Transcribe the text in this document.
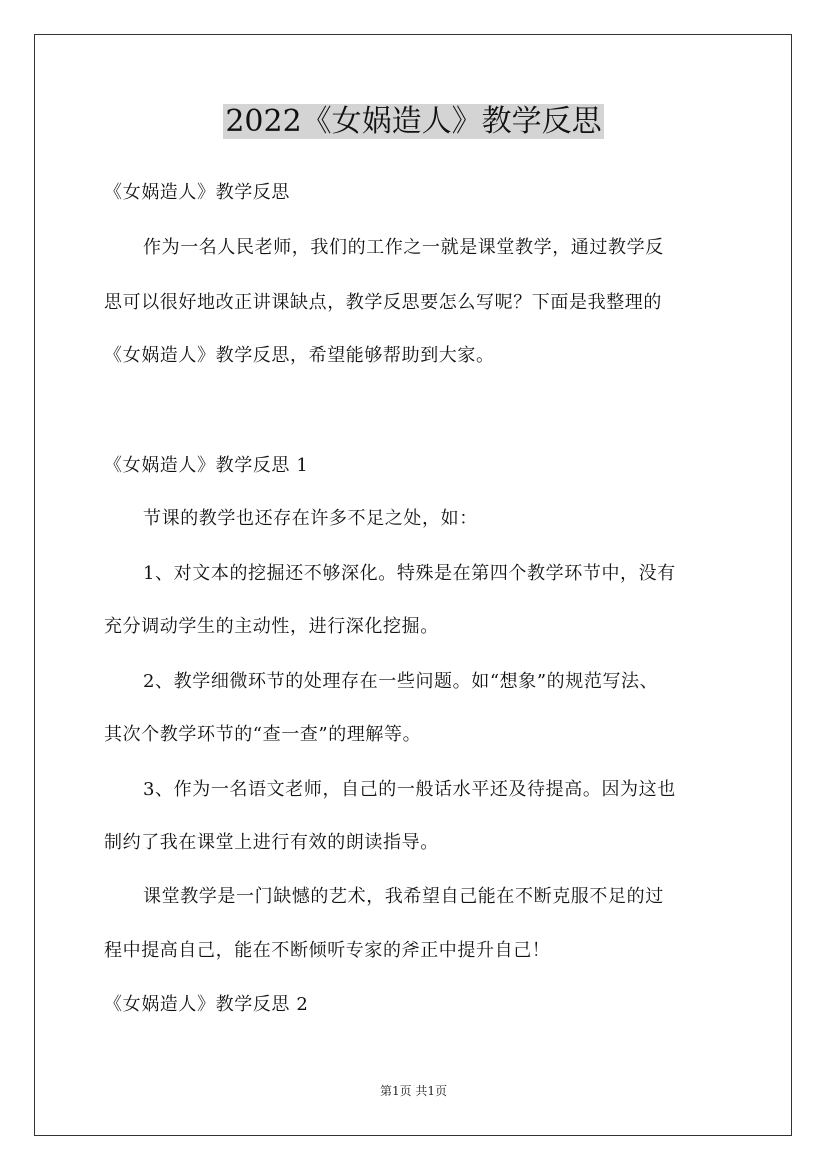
2022《女娲造人》教学反思
《女娲造人》教学反思
作为一名人民老师，我们的工作之一就是课堂教学，通过教学反
思可以很好地改正讲课缺点，教学反思要怎么写呢？下面是我整理的
《女娲造人》教学反思，希望能够帮助到大家。
《女娲造人》教学反思 1
节课的教学也还存在许多不足之处，如：
1、对文本的挖掘还不够深化。特殊是在第四个教学环节中，没有
充分调动学生的主动性，进行深化挖掘。
2、教学细微环节的处理存在一些问题。如“想象”的规范写法、
其次个教学环节的“查一查”的理解等。
3、作为一名语文老师，自己的一般话水平还及待提高。因为这也
制约了我在课堂上进行有效的朗读指导。
课堂教学是一门缺憾的艺术，我希望自己能在不断克服不足的过
程中提高自己，能在不断倾听专家的斧正中提升自己！
《女娲造人》教学反思 2
第1页 共1页
